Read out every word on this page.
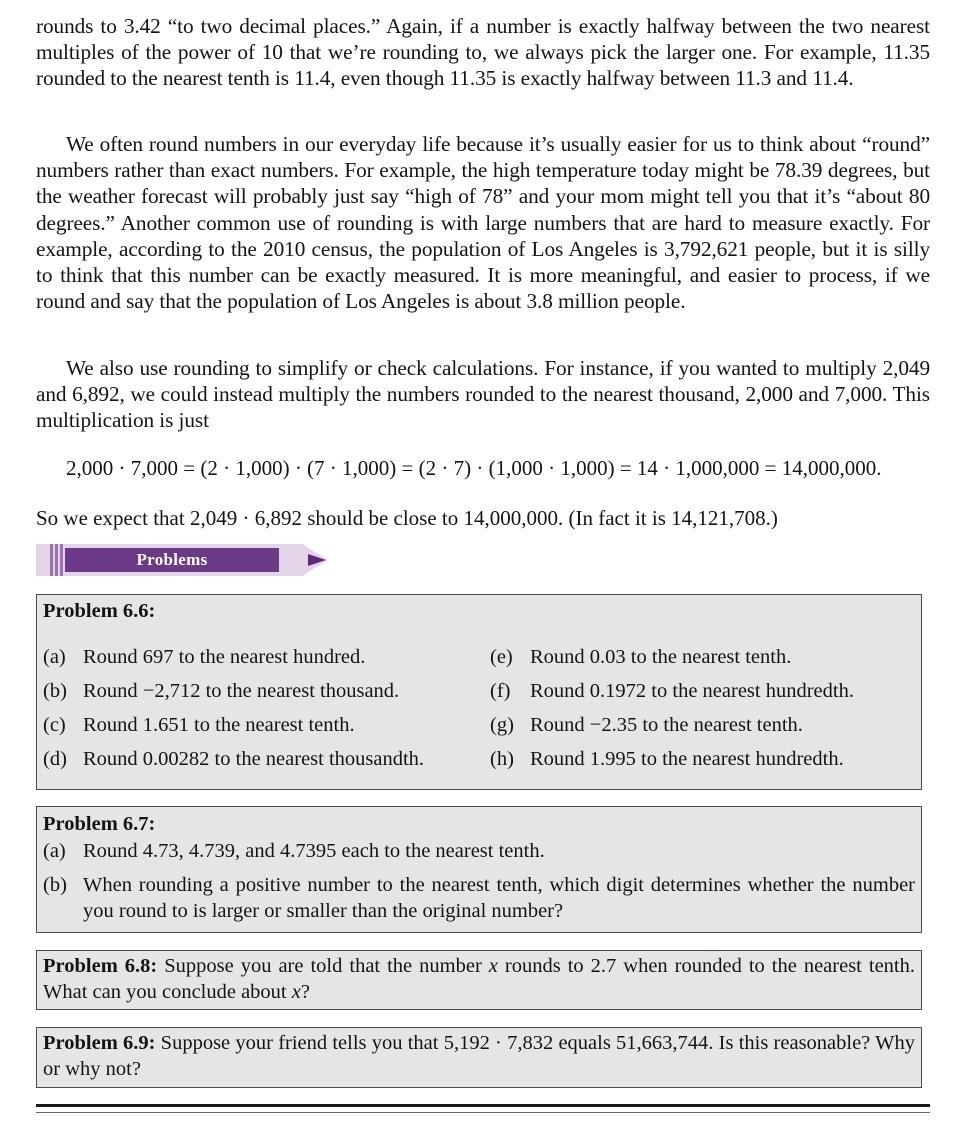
rounds to 3.42 “to two decimal places.” Again, if a number is exactly halfway between the two nearest multiples of the power of 10 that we’re rounding to, we always pick the larger one. For example, 11.35 rounded to the nearest tenth is 11.4, even though 11.35 is exactly halfway between 11.3 and 11.4.

We often round numbers in our everyday life because it’s usually easier for us to think about “round” numbers rather than exact numbers. For example, the high temperature today might be 78.39 degrees, but the weather forecast will probably just say “high of 78” and your mom might tell you that it’s “about 80 degrees.” Another common use of rounding is with large numbers that are hard to measure exactly. For example, according to the 2010 census, the population of Los Angeles is 3,792,621 people, but it is silly to think that this number can be exactly measured. It is more meaningful, and easier to process, if we round and say that the population of Los Angeles is about 3.8 million people.

We also use rounding to simplify or check calculations. For instance, if you wanted to multiply 2,049 and 6,892, we could instead multiply the numbers rounded to the nearest thousand, 2,000 and 7,000. This multiplication is just

2,000 · 7,000 = (2 · 1,000) · (7 · 1,000) = (2 · 7) · (1,000 · 1,000) = 14 · 1,000,000 = 14,000,000.
So we expect that 2,049 · 6,892 should be close to 14,000,000. (In fact it is 14,121,708.)
Problems
Problem 6.6:
(a) Round 697 to the nearest hundred.	(e) Round 0.03 to the nearest tenth.
(b) Round −2,712 to the nearest thousand.	(f) Round 0.1972 to the nearest hundredth.
(c) Round 1.651 to the nearest tenth.	(g) Round −2.35 to the nearest tenth.
(d) Round 0.00282 to the nearest thousandth.	(h) Round 1.995 to the nearest hundredth.
Problem 6.7:
(a) Round 4.73, 4.739, and 4.7395 each to the nearest tenth.
(b) When rounding a positive number to the nearest tenth, which digit determines whether the number you round to is larger or smaller than the original number?
Problem 6.8: Suppose you are told that the number x rounds to 2.7 when rounded to the nearest tenth. What can you conclude about x?
Problem 6.9: Suppose your friend tells you that 5,192 · 7,832 equals 51,663,744. Is this reasonable? Why or why not?
